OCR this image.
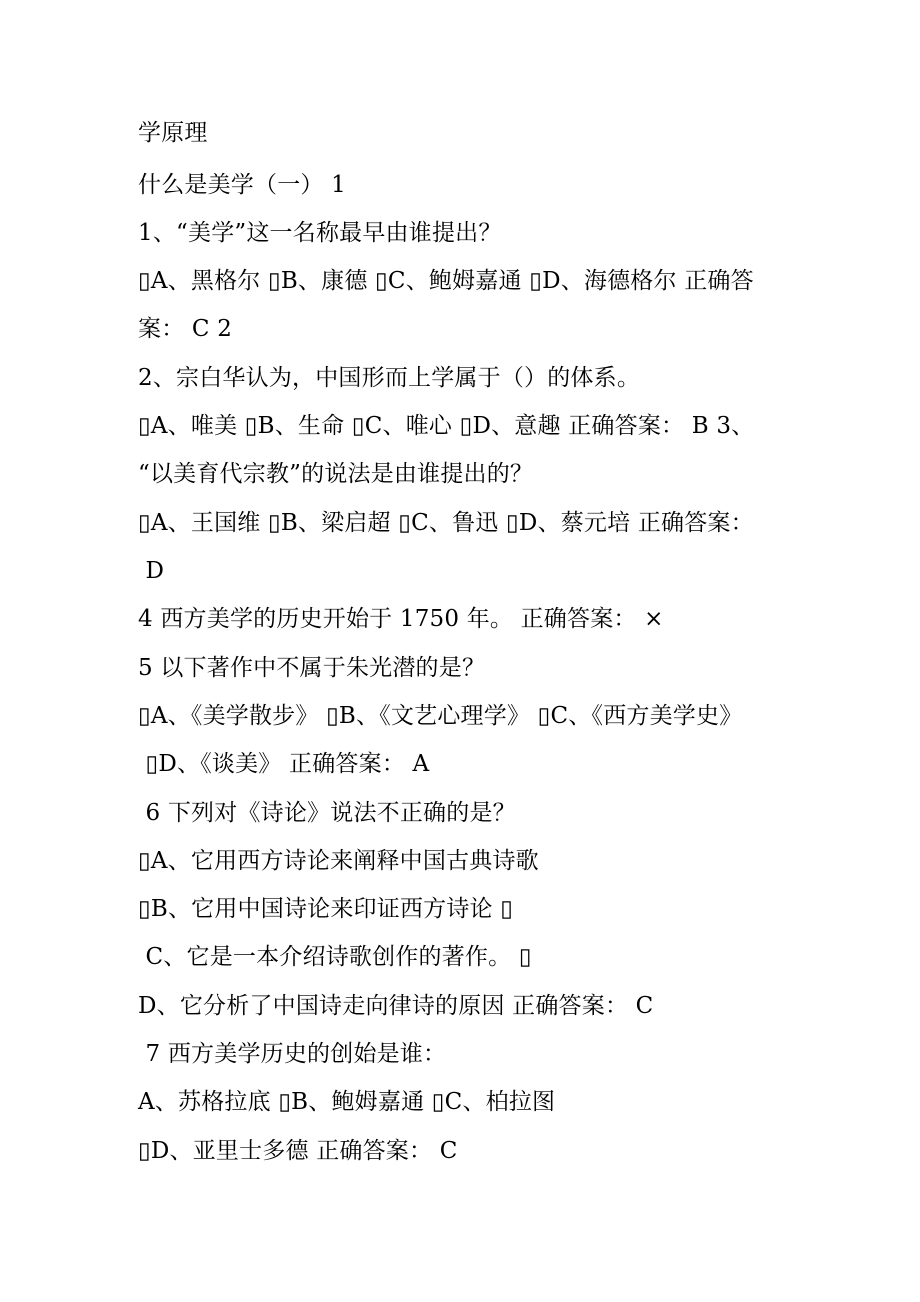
学原理
什么是美学（一） 1
1、“美学”这一名称最早由谁提出？
▯A、黑格尔 ▯B、康德 ▯C、鲍姆嘉通 ▯D、海德格尔 正确答
案： C 2
2、宗白华认为，中国形而上学属于（）的体系。
▯A、唯美 ▯B、生命 ▯C、唯心 ▯D、意趣 正确答案： B 3、
“以美育代宗教”的说法是由谁提出的？
▯A、王国维 ▯B、梁启超 ▯C、鲁迅 ▯D、蔡元培 正确答案：
D
4 西方美学的历史开始于 1750 年。 正确答案： ×
5 以下著作中不属于朱光潜的是？
▯A、《美学散步》 ▯B、《文艺心理学》 ▯C、《西方美学史》
▯D、《谈美》 正确答案： A
6 下列对《诗论》说法不正确的是？
▯A、它用西方诗论来阐释中国古典诗歌
▯B、它用中国诗论来印证西方诗论 ▯
C、它是一本介绍诗歌创作的著作。 ▯
D、它分析了中国诗走向律诗的原因 正确答案： C
7 西方美学历史的创始是谁：
A、苏格拉底 ▯B、鲍姆嘉通 ▯C、柏拉图
▯D、亚里士多德 正确答案： C
